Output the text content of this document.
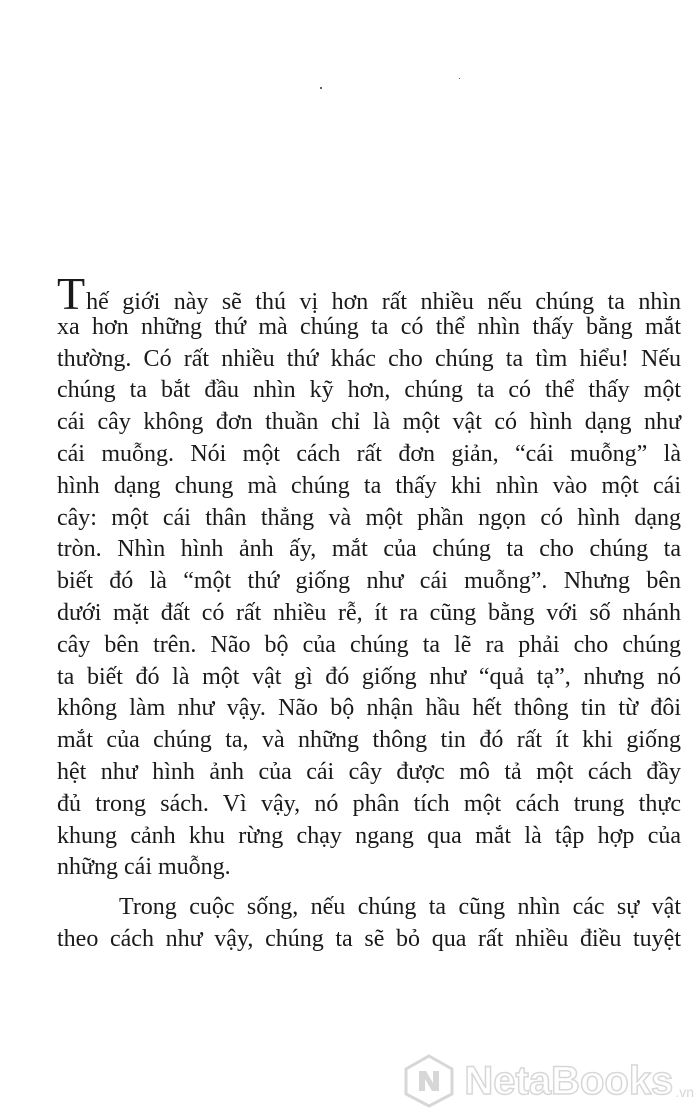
Thế giới này sẽ thú vị hơn rất nhiều nếu chúng ta nhìn
xa hơn những thứ mà chúng ta có thể nhìn thấy bằng mắt
thường. Có rất nhiều thứ khác cho chúng ta tìm hiểu! Nếu
chúng ta bắt đầu nhìn kỹ hơn, chúng ta có thể thấy một
cái cây không đơn thuần chỉ là một vật có hình dạng như
cái muỗng. Nói một cách rất đơn giản, “cái muỗng” là
hình dạng chung mà chúng ta thấy khi nhìn vào một cái
cây: một cái thân thẳng và một phần ngọn có hình dạng
tròn. Nhìn hình ảnh ấy, mắt của chúng ta cho chúng ta
biết đó là “một thứ giống như cái muỗng”. Nhưng bên
dưới mặt đất có rất nhiều rễ, ít ra cũng bằng với số nhánh
cây bên trên. Não bộ của chúng ta lẽ ra phải cho chúng
ta biết đó là một vật gì đó giống như “quả tạ”, nhưng nó
không làm như vậy. Não bộ nhận hầu hết thông tin từ đôi
mắt của chúng ta, và những thông tin đó rất ít khi giống
hệt như hình ảnh của cái cây được mô tả một cách đầy
đủ trong sách. Vì vậy, nó phân tích một cách trung thực
khung cảnh khu rừng chạy ngang qua mắt là tập hợp của
những cái muỗng.
Trong cuộc sống, nếu chúng ta cũng nhìn các sự vật
theo cách như vậy, chúng ta sẽ bỏ qua rất nhiều điều tuyệt
NetaBooks .vn
